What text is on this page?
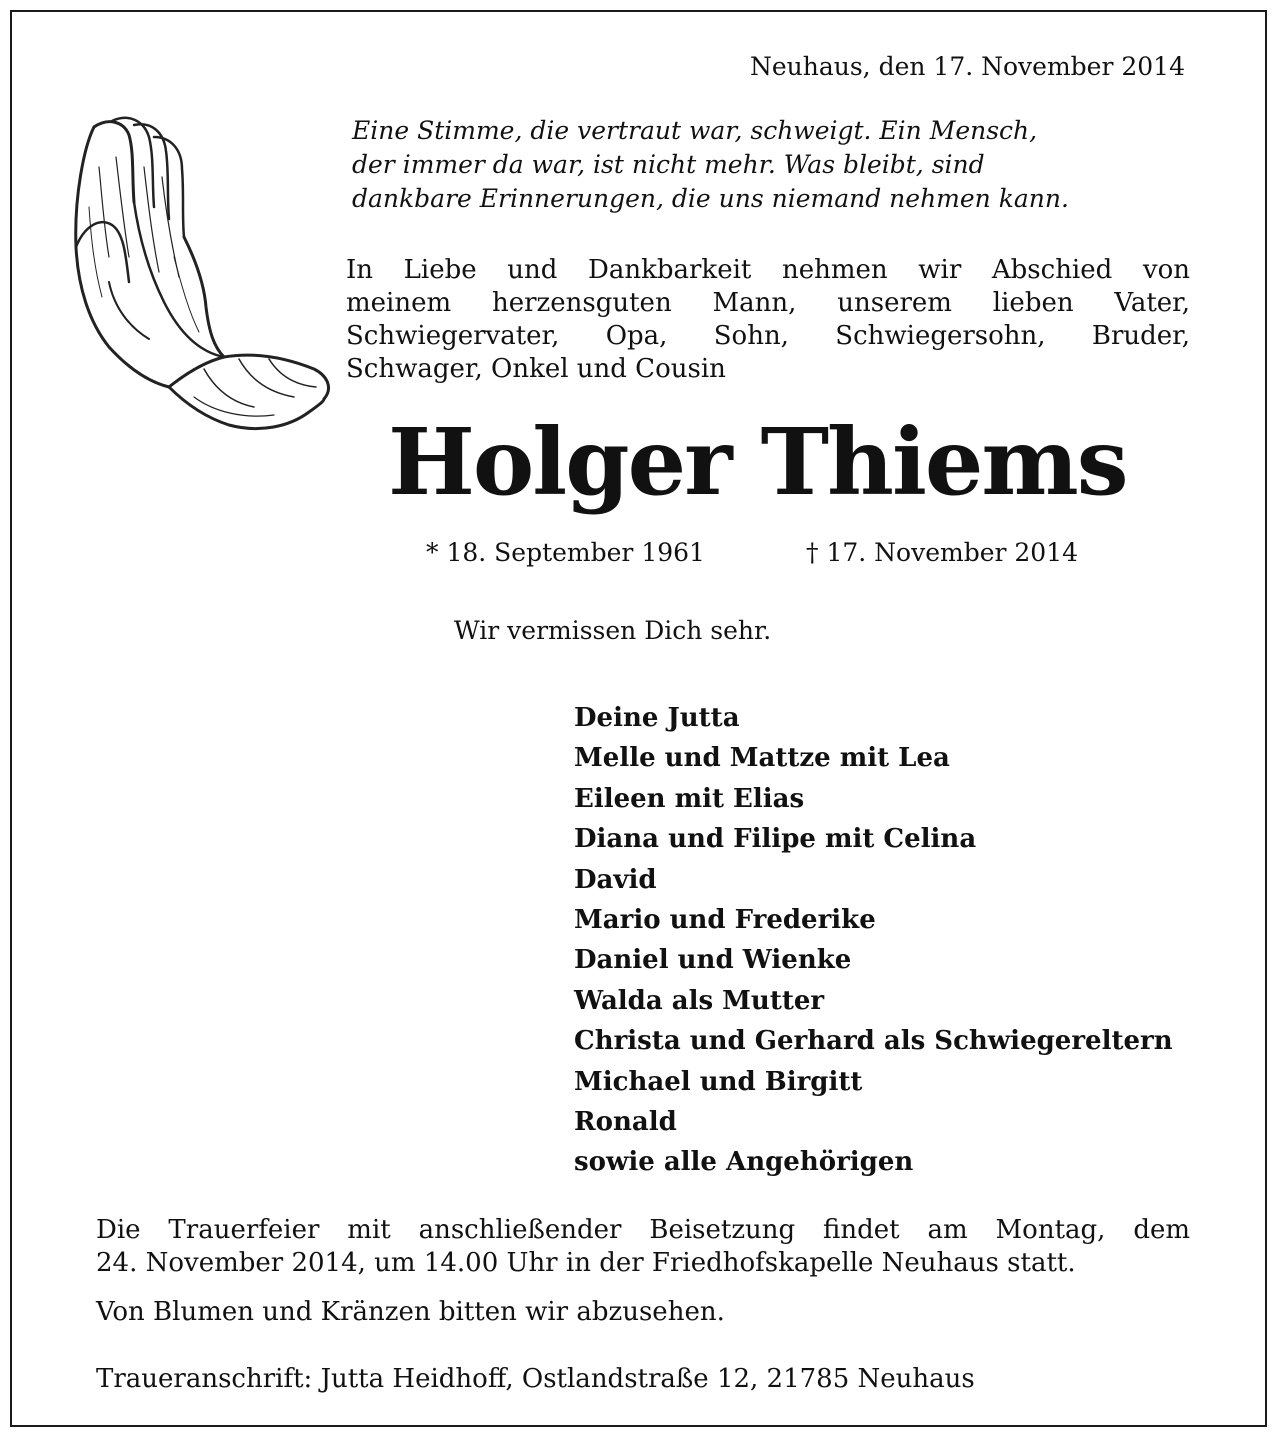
Neuhaus, den 17. November 2014
Eine Stimme, die vertraut war, schweigt. Ein Mensch,
der immer da war, ist nicht mehr. Was bleibt, sind
dankbare Erinnerungen, die uns niemand nehmen kann.
In Liebe und Dankbarkeit nehmen wir Abschied von
meinem herzensguten Mann, unserem lieben Vater,
Schwiegervater, Opa, Sohn, Schwiegersohn, Bruder,
Schwager, Onkel und Cousin
Holger Thiems
* 18. September 1961	† 17. November 2014
Wir vermissen Dich sehr.
Deine Jutta
Melle und Mattze mit Lea
Eileen mit Elias
Diana und Filipe mit Celina
David
Mario und Frederike
Daniel und Wienke
Walda als Mutter
Christa und Gerhard als Schwiegereltern
Michael und Birgitt
Ronald
sowie alle Angehörigen
Die Trauerfeier mit anschließender Beisetzung findet am Montag, dem
24. November 2014, um 14.00 Uhr in der Friedhofskapelle Neuhaus statt.
Von Blumen und Kränzen bitten wir abzusehen.
Traueranschrift: Jutta Heidhoff, Ostlandstraße 12, 21785 Neuhaus
